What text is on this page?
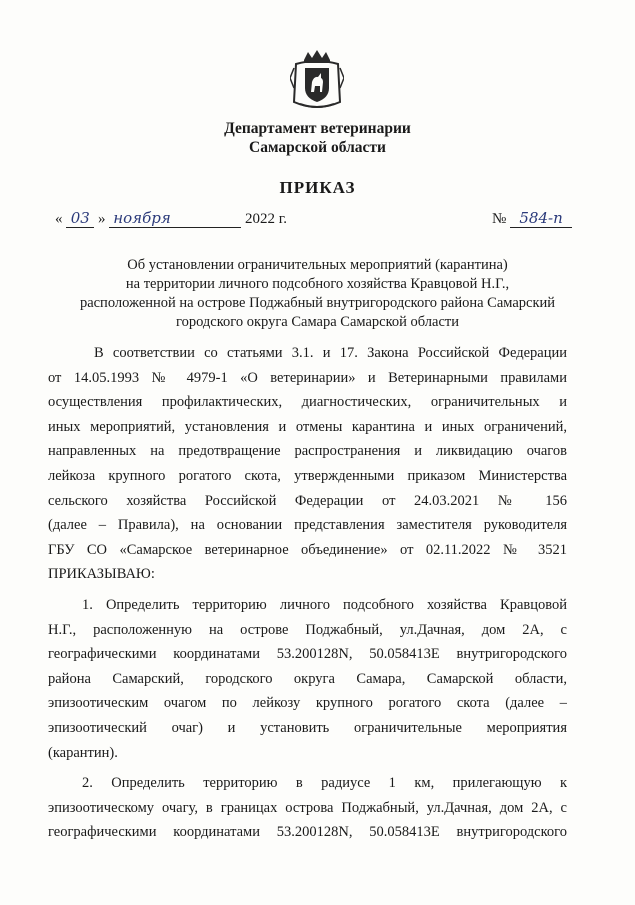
Департамент ветеринарии
Самарской области
ПРИКАЗ
« 03 » ноября	2022 г.	№ 584-п
Об установлении ограничительных мероприятий (карантина)
на территории личного подсобного хозяйства Кравцовой Н.Г.,
расположенной на острове Поджабный внутригородского района Самарский
городского округа Самара Самарской области
В соответствии со статьями 3.1. и 17. Закона Российской Федерации
от 14.05.1993 № 4979-1 «О ветеринарии» и Ветеринарными правилами
осуществления профилактических, диагностических, ограничительных и
иных мероприятий, установления и отмены карантина и иных ограничений,
направленных на предотвращение распространения и ликвидацию очагов
лейкоза крупного рогатого скота, утвержденными приказом Министерства
сельского хозяйства Российской Федерации от 24.03.2021 № 156
(далее – Правила), на основании представления заместителя руководителя
ГБУ СО «Самарское ветеринарное объединение» от 02.11.2022 № 3521
ПРИКАЗЫВАЮ:
1. Определить территорию личного подсобного хозяйства Кравцовой
Н.Г., расположенную на острове Поджабный, ул.Дачная, дом 2А, с
географическими координатами 53.200128N, 50.058413E внутригородского
района Самарский, городского округа Самара, Самарской области,
эпизоотическим очагом по лейкозу крупного рогатого скота (далее –
эпизоотический очаг) и установить ограничительные мероприятия
(карантин).
2. Определить территорию в радиусе 1 км, прилегающую к
эпизоотическому очагу, в границах острова Поджабный, ул.Дачная, дом 2А, с
географическими координатами 53.200128N, 50.058413E внутригородского
